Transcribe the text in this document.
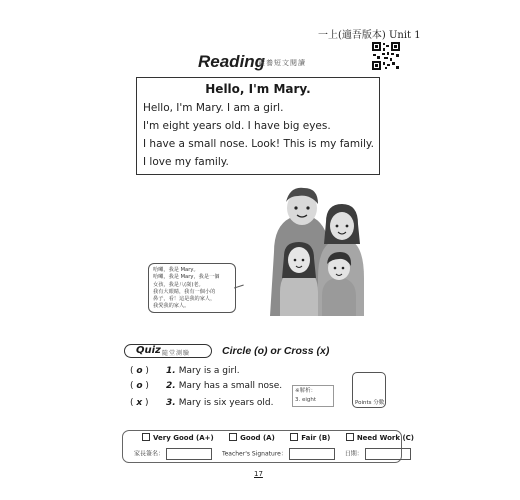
一上(適吾版本) Unit 1
Reading
素養短文閱讀
Hello, I'm Mary.
Hello, I'm Mary. I am a girl.
I'm eight years old. I have big eyes.
I have a small nose. Look! This is my family.
I love my family.
哈囉，我是 Mary。
哈囉，我是 Mary，我是一個
女孩，我是八(歲)老。
我有大眼睛，我有一個小的
鼻子，看！這是我的家人，
我愛我的家人。
Quiz 隨堂測驗	Circle (o) or Cross (x)
( o ) 1. Mary is a girl.
( o ) 2. Mary has a small nose.
( x ) 3. Mary is six years old.
※解析：
3. eight	Points 分數
Very Good (A+)	Good (A)	Fair (B)	Need Work (C)
家長簽名：	Teacher's Signature：	日期：
17
